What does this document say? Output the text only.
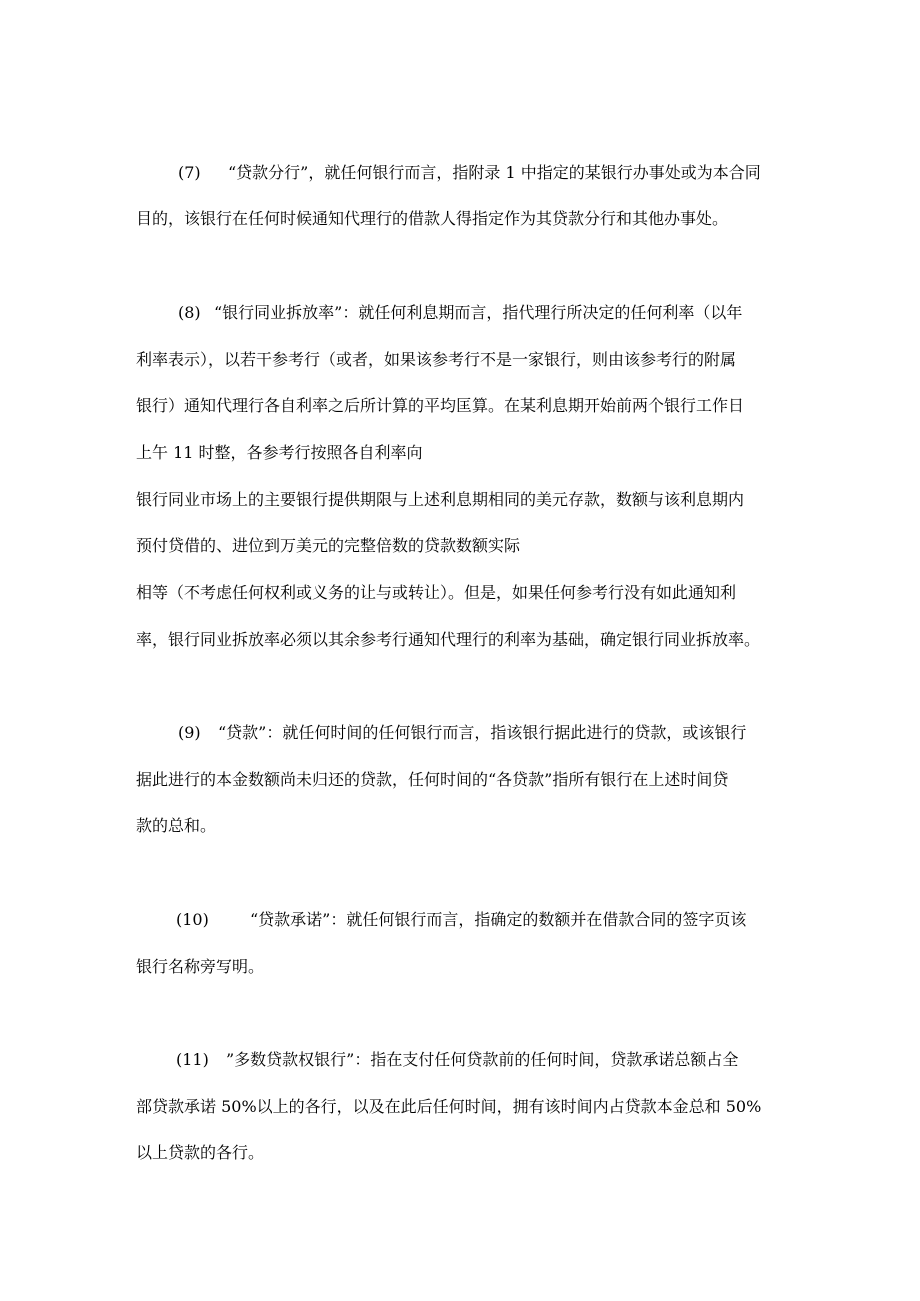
(7) “贷款分行”，就任何银行而言，指附录 1 中指定的某银行办事处或为本合同
目的，该银行在任何时候通知代理行的借款人得指定作为其贷款分行和其他办事处。
(8) “银行同业拆放率”：就任何利息期而言，指代理行所决定的任何利率（以年
利率表示），以若干参考行（或者，如果该参考行不是一家银行，则由该参考行的附属
银行）通知代理行各自利率之后所计算的平均匡算。在某利息期开始前两个银行工作日
上午 11 时整，各参考行按照各自利率向
银行同业市场上的主要银行提供期限与上述利息期相同的美元存款，数额与该利息期内
预付贷借的、进位到万美元的完整倍数的贷款数额实际
相等（不考虑任何权利或义务的让与或转让）。但是，如果任何参考行没有如此通知利
率，银行同业拆放率必须以其余参考行通知代理行的利率为基础，确定银行同业拆放率。
(9) “贷款”：就任何时间的任何银行而言，指该银行据此进行的贷款，或该银行
据此进行的本金数额尚未归还的贷款，任何时间的“各贷款”指所有银行在上述时间贷
款的总和。
(10)	“贷款承诺”：就任何银行而言，指确定的数额并在借款合同的签字页该
银行名称旁写明。
(11) ”多数贷款权银行”：指在支付任何贷款前的任何时间，贷款承诺总额占全
部贷款承诺 50%以上的各行，以及在此后任何时间，拥有该时间内占贷款本金总和 50%
以上贷款的各行。
